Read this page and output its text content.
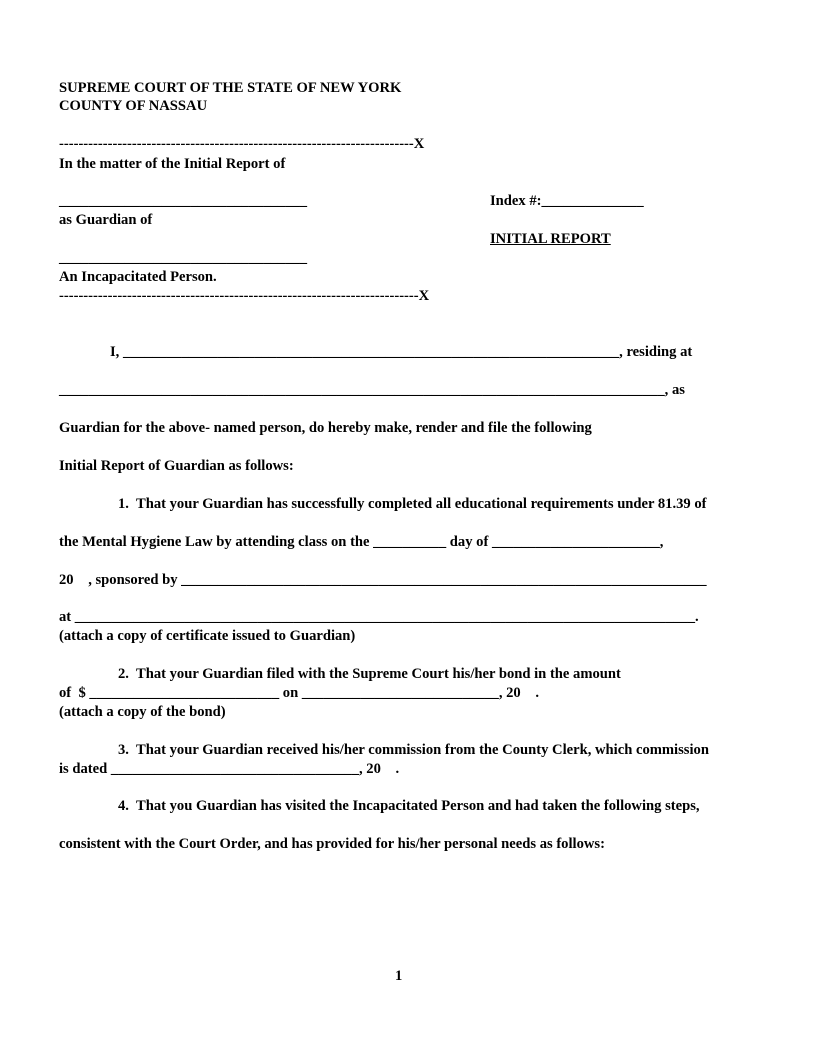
SUPREME COURT OF THE STATE OF NEW YORK
COUNTY OF NASSAU
-------------------------------------------------------------------------X
In the matter of the Initial Report of
__________________________________
as Guardian of
__________________________________
An Incapacitated Person.
--------------------------------------------------------------------------X
Index #:______________
INITIAL REPORT
I, ____________________________________________________________________, residing at
___________________________________________________________________________________, as
Guardian for the above- named person, do hereby make, render and file the following
Initial Report of Guardian as follows:
1.  That your Guardian has successfully completed all educational requirements under 81.39 of
the Mental Hygiene Law by attending class on the __________ day of _______________________,
20    , sponsored by ________________________________________________________________________
at _____________________________________________________________________________________.
(attach a copy of certificate issued to Guardian)
2.  That your Guardian filed with the Supreme Court his/her bond in the amount
of  $ __________________________ on ___________________________, 20    .
(attach a copy of the bond)
3.  That your Guardian received his/her commission from the County Clerk, which commission
is dated __________________________________, 20    .
4.  That you Guardian has visited the Incapacitated Person and had taken the following steps,
consistent with the Court Order, and has provided for his/her personal needs as follows:
1
